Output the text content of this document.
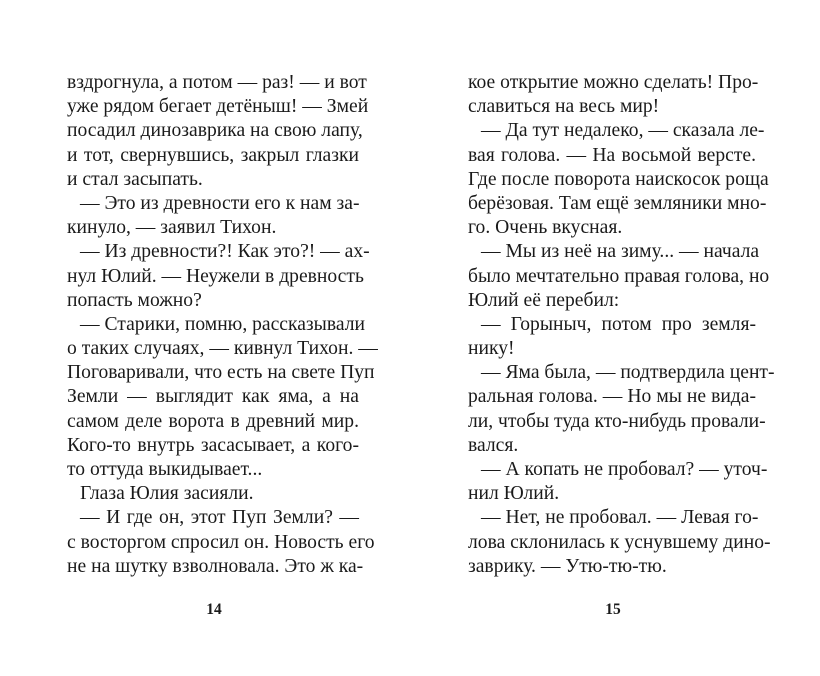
вздрогнула, а потом — раз! — и вот
уже рядом бегает детёныш! — Змей
посадил динозаврика на свою лапу,
и тот, свернувшись, закрыл глазки
и стал засыпать.
— Это из древности его к нам за-
кинуло, — заявил Тихон.
— Из древности?! Как это?! — ах-
нул Юлий. — Неужели в древность
попасть можно?
— Старики, помню, рассказывали
о таких случаях, — кивнул Тихон. —
Поговаривали, что есть на свете Пуп
Земли — выглядит как яма, а на
самом деле ворота в древний мир.
Кого-то внутрь засасывает, а кого-
то оттуда выкидывает...
Глаза Юлия засияли.
— И где он, этот Пуп Земли? —
с восторгом спросил он. Новость его
не на шутку взволновала. Это ж ка-
кое открытие можно сделать! Про-
славиться на весь мир!
— Да тут недалеко, — сказала ле-
вая голова. — На восьмой версте.
Где после поворота наискосок роща
берёзовая. Там ещё земляники мно-
го. Очень вкусная.
— Мы из неё на зиму... — начала
было мечтательно правая голова, но
Юлий её перебил:
— Горыныч, потом про земля-
нику!
— Яма была, — подтвердила цент-
ральная голова. — Но мы не вида-
ли, чтобы туда кто-нибудь провали-
вался.
— А копать не пробовал? — уточ-
нил Юлий.
— Нет, не пробовал. — Левая го-
лова склонилась к уснувшему дино-
заврику. — Утю-тю-тю.
14	15
